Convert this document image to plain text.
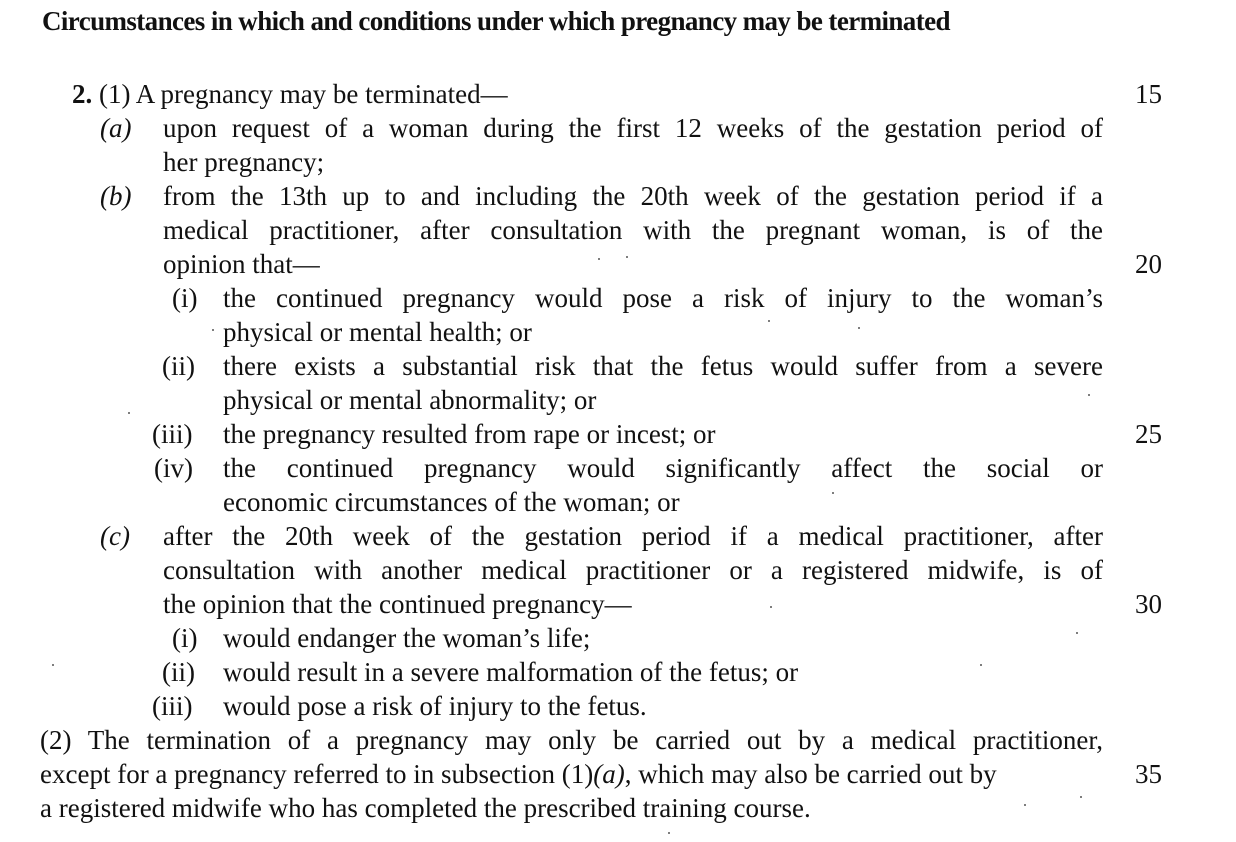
Circumstances in which and conditions under which pregnancy may be terminated
2. (1) A pregnancy may be terminated—	15
(a) upon request of a woman during the first 12 weeks of the gestation period of
her pregnancy;
(b) from the 13th up to and including the 20th week of the gestation period if a
medical practitioner, after consultation with the pregnant woman, is of the
opinion that—	20
(i) the continued pregnancy would pose a risk of injury to the woman’s
physical or mental health; or
(ii) there exists a substantial risk that the fetus would suffer from a severe
physical or mental abnormality; or
(iii) the pregnancy resulted from rape or incest; or	25
(iv) the continued pregnancy would significantly affect the social or
economic circumstances of the woman; or
(c) after the 20th week of the gestation period if a medical practitioner, after
consultation with another medical practitioner or a registered midwife, is of
the opinion that the continued pregnancy—	30
(i) would endanger the woman’s life;
(ii) would result in a severe malformation of the fetus; or
(iii) would pose a risk of injury to the fetus.
(2) The termination of a pregnancy may only be carried out by a medical practitioner,
except for a pregnancy referred to in subsection (1)(a), which may also be carried out by	35
a registered midwife who has completed the prescribed training course.
